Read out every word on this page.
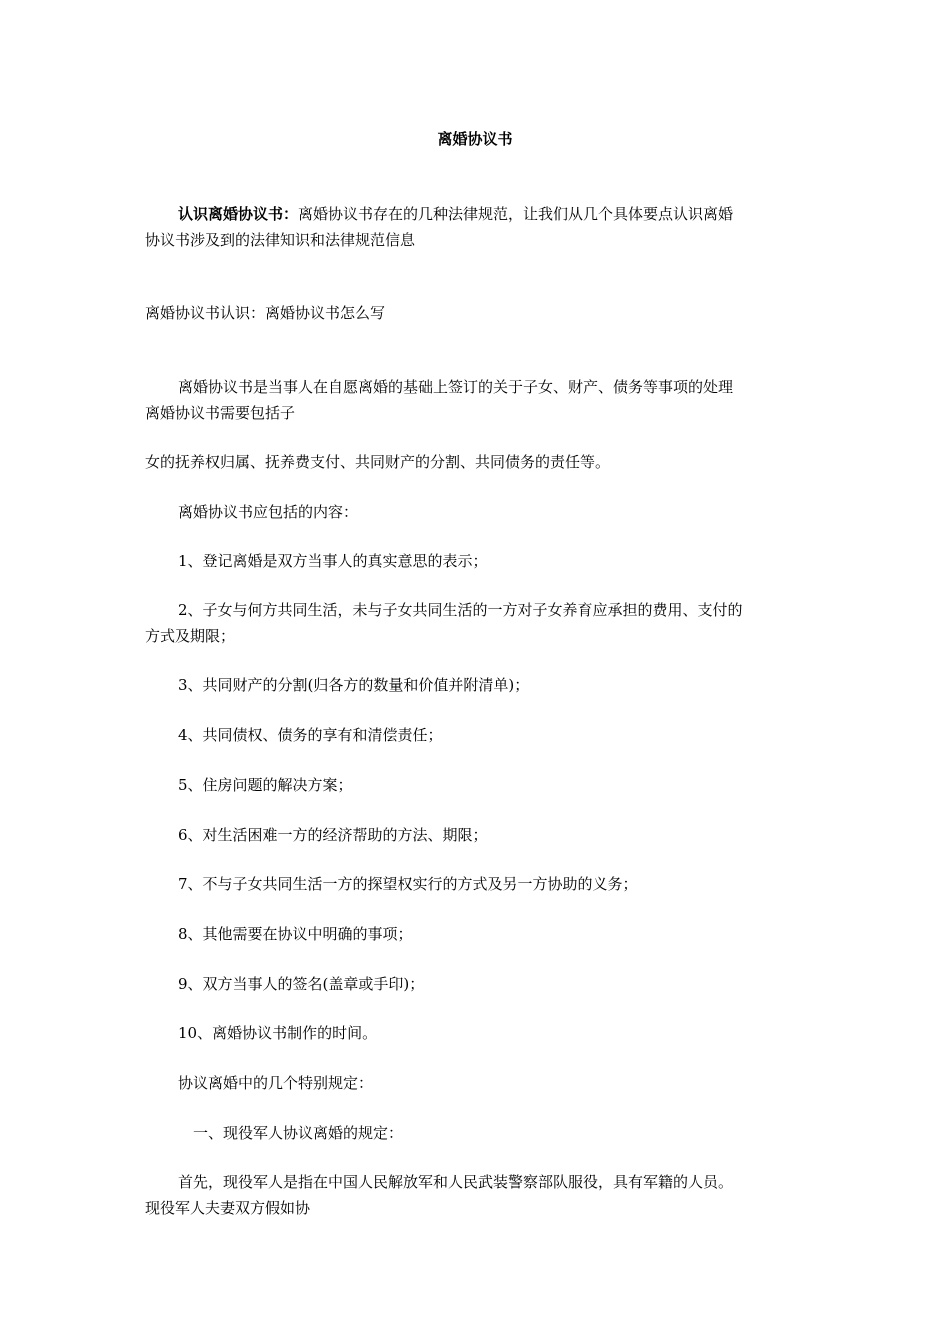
离婚协议书
认识离婚协议书：离婚协议书存在的几种法律规范，让我们从几个具体要点认识离婚
协议书涉及到的法律知识和法律规范信息
离婚协议书认识：离婚协议书怎么写
离婚协议书是当事人在自愿离婚的基础上签订的关于子女、财产、债务等事项的处理
离婚协议书需要包括子
女的抚养权归属、抚养费支付、共同财产的分割、共同债务的责任等。
离婚协议书应包括的内容：
1、登记离婚是双方当事人的真实意思的表示；
2、子女与何方共同生活，未与子女共同生活的一方对子女养育应承担的费用、支付的
方式及期限；
3、共同财产的分割(归各方的数量和价值并附清单)；
4、共同债权、债务的享有和清偿责任；
5、住房问题的解决方案；
6、对生活困难一方的经济帮助的方法、期限；
7、不与子女共同生活一方的探望权实行的方式及另一方协助的义务；
8、其他需要在协议中明确的事项；
9、双方当事人的签名(盖章或手印)；
10、离婚协议书制作的时间。
协议离婚中的几个特别规定：
一、现役军人协议离婚的规定：
首先，现役军人是指在中国人民解放军和人民武装警察部队服役，具有军籍的人员。
现役军人夫妻双方假如协
